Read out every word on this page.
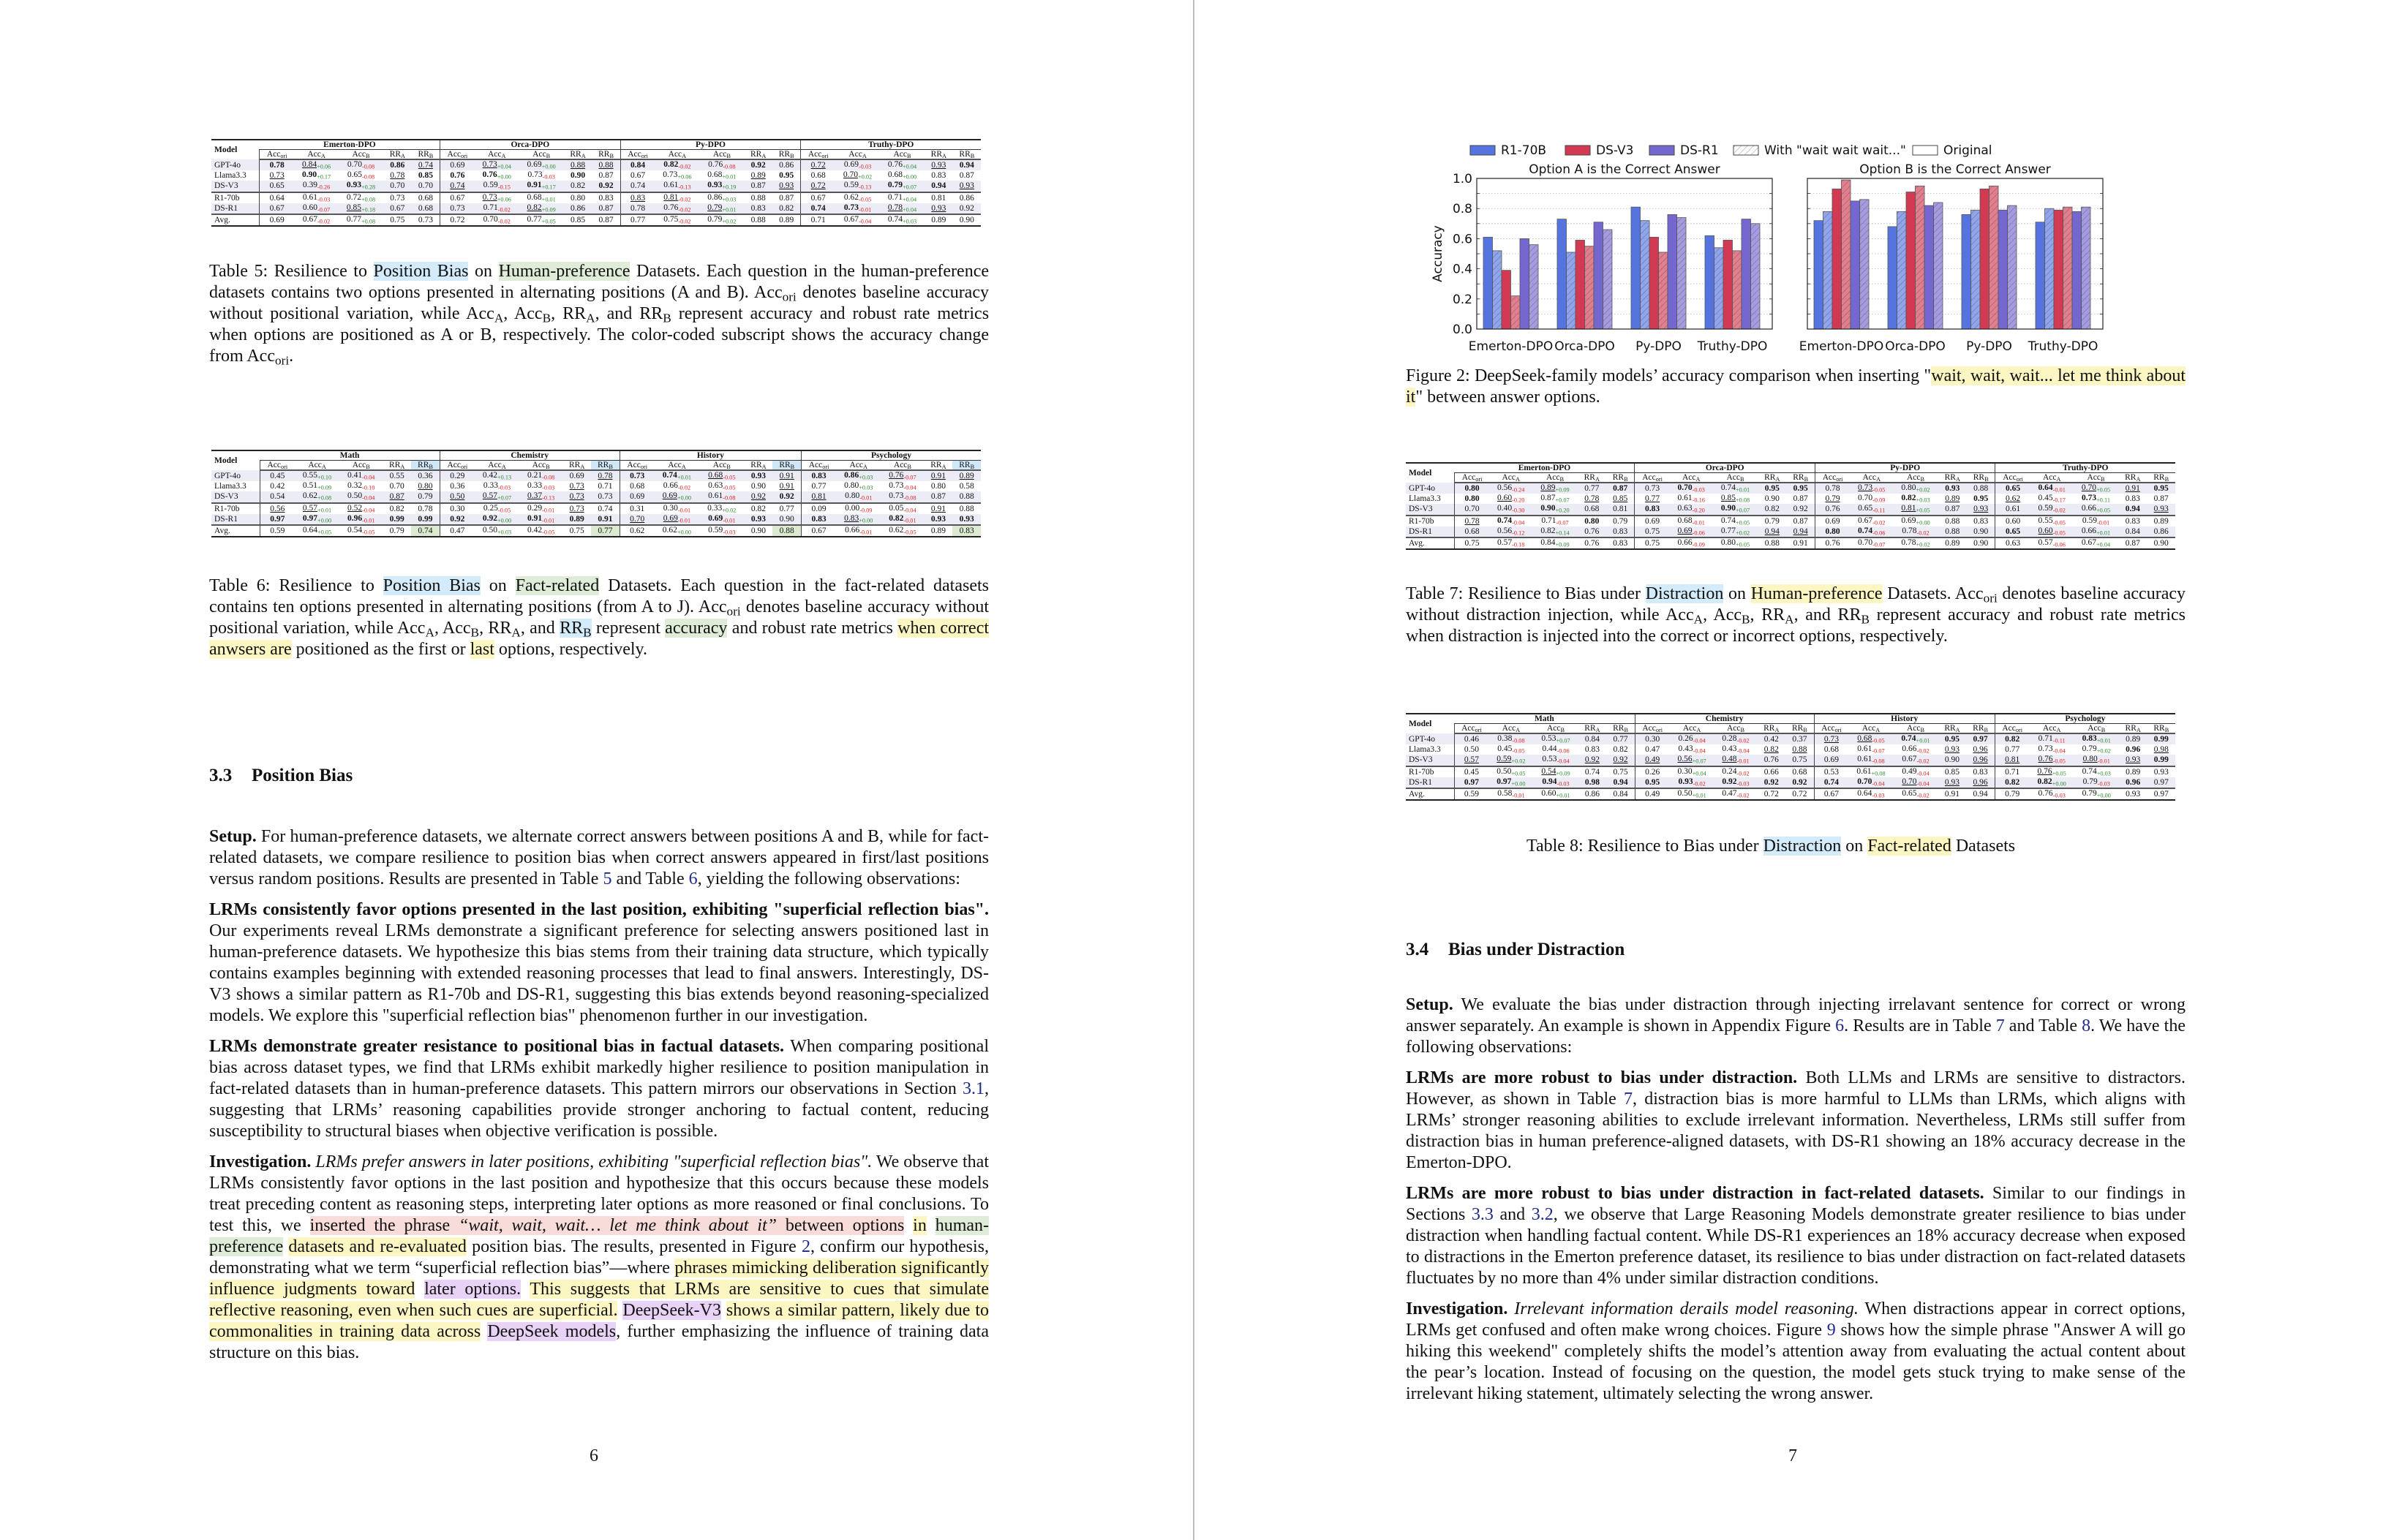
Model	Emerton-DPO					Orca-DPO					Py-DPO					Truthy-DPO				
	Acc$_{ori}$	Acc$_A$	Acc$_B$	$RR_A$	$RR_B$	Acc$_{ori}$	Acc$_A$	Acc$_B$	$RR_A$	$RR_B$	Acc$_{ori}$	Acc$_A$	Acc$_B$	$RR_A$	$RR_B$	Acc$_{ori}$	Acc$_A$	Acc$_B$	$RR_A$	$RR_B$
GPT-4o	0.78	$0.84_{+0.06}$	$0.70_{-0.08}$	0.86	0.74	0.69	$0.73_{+0.04}$	$0.69_{+0.00}$	0.88	0.88	0.84	$0.82_{-0.02}$	$0.76_{-0.08}$	0.92	0.86	0.72	$0.69_{-0.03}$	$0.76_{+0.04}$	0.93	0.94
Llama3.3	0.73	$0.90_{+0.17}$	$0.65_{-0.08}$	0.78	0.85	0.76	$0.76_{+0.00}$	$0.73_{-0.03}$	0.90	0.87	0.67	$0.73_{+0.06}$	$0.68_{+0.01}$	0.89	0.95	0.68	$0.70_{+0.02}$	$0.68_{+0.00}$	0.83	0.87
DS-V3	0.65	$0.39_{-0.26}$	$0.93_{+0.28}$	0.70	0.70	0.74	$0.59_{-0.15}$	$0.91_{+0.17}$	0.82	0.92	0.74	$0.61_{-0.13}$	$0.93_{+0.19}$	0.87	0.93	0.72	$0.59_{-0.13}$	$0.79_{+0.07}$	0.94	0.93
R1-70b	0.64	$0.61_{-0.03}$	$0.72_{+0.08}$	0.73	0.68	0.67	$0.73_{+0.06}$	$0.68_{+0.01}$	0.80	0.83	0.83	$0.81_{-0.02}$	$0.86_{+0.03}$	0.88	0.87	0.67	$0.62_{-0.05}$	$0.71_{+0.04}$	0.81	0.86
DS-R1	0.67	$0.60_{-0.07}$	$0.85_{+0.18}$	0.67	0.68	0.73	$0.71_{-0.02}$	$0.82_{+0.09}$	0.86	0.87	0.78	$0.76_{-0.02}$	$0.79_{+0.01}$	0.83	0.82	0.74	$0.73_{-0.01}$	$0.78_{+0.04}$	0.93	0.92
Avg.	0.69	$0.67_{-0.02}$	$0.77_{+0.08}$	0.75	0.73	0.72	$0.70_{-0.02}$	$0.77_{+0.05}$	0.85	0.87	0.77	$0.75_{-0.02}$	$0.79_{+0.02}$	0.88	0.89	0.71	$0.67_{-0.04}$	$0.74_{+0.03}$	0.89	0.90
Table 5: Resilience to Position Bias on Human-preference Datasets. Each question in the human-preference datasets contains two options presented in alternating positions (A and B). Acc$_{ori}$ denotes baseline accuracy without positional variation, while Acc$_A$, Acc$_B$, $RR_A$, and $RR_B$ represent accuracy and robust rate metrics when options are positioned as A or B, respectively. The color-coded subscript shows the accuracy change from Acc$_{ori}$.
Model	Math					Chemistry					History					Psychology				
	Acc$_{ori}$	Acc$_A$	Acc$_B$	$RR_A$	$RR_B$	Acc$_{ori}$	Acc$_A$	Acc$_B$	$RR_A$	$RR_B$	Acc$_{ori}$	Acc$_A$	Acc$_B$	$RR_A$	$RR_B$	Acc$_{ori}$	Acc$_A$	Acc$_B$	$RR_A$	$RR_B$
GPT-4o	0.45	$0.55_{+0.10}$	$0.41_{-0.04}$	0.55	0.36	0.29	$0.42_{+0.13}$	$0.21_{-0.08}$	0.69	0.78	0.73	$0.74_{+0.01}$	$0.68_{-0.05}$	0.93	0.91	0.83	$0.86_{+0.03}$	$0.76_{-0.07}$	0.91	0.89
Llama3.3	0.42	$0.51_{+0.09}$	$0.32_{-0.10}$	0.70	0.80	0.36	$0.33_{-0.03}$	$0.33_{-0.03}$	0.73	0.71	0.68	$0.66_{-0.02}$	$0.63_{-0.05}$	0.90	0.91	0.77	$0.80_{+0.03}$	$0.73_{-0.04}$	0.80	0.58
DS-V3	0.54	$0.62_{+0.08}$	$0.50_{-0.04}$	0.87	0.79	0.50	$0.57_{+0.07}$	$0.37_{-0.13}$	0.73	0.73	0.69	$0.69_{+0.00}$	$0.61_{-0.08}$	0.92	0.92	0.81	$0.80_{-0.01}$	$0.73_{-0.08}$	0.87	0.88
R1-70b	0.56	$0.57_{+0.01}$	$0.52_{-0.04}$	0.82	0.78	0.30	$0.25_{-0.05}$	$0.29_{-0.01}$	0.73	0.74	0.31	$0.30_{-0.01}$	$0.33_{+0.02}$	0.82	0.77	0.09	$0.00_{-0.09}$	$0.05_{-0.04}$	0.91	0.88
DS-R1	0.97	$0.97_{+0.00}$	$0.96_{-0.01}$	0.99	0.99	0.92	$0.92_{+0.00}$	$0.91_{-0.01}$	0.89	0.91	0.70	$0.69_{-0.01}$	$0.69_{-0.01}$	0.93	0.90	0.83	$0.83_{+0.00}$	$0.82_{-0.01}$	0.93	0.93
Avg.	0.59	$0.64_{+0.05}$	$0.54_{-0.05}$	0.79	0.74	0.47	$0.50_{+0.03}$	$0.42_{-0.05}$	0.75	0.77	0.62	$0.62_{+0.00}$	$0.59_{-0.03}$	0.90	0.88	0.67	$0.66_{-0.01}$	$0.62_{-0.05}$	0.89	0.83
Table 6: Resilience to Position Bias on Fact-related Datasets. Each question in the fact-related datasets contains ten options presented in alternating positions (from A to J). Acc$_{ori}$ denotes baseline accuracy without positional variation, while Acc$_A$, Acc$_B$, $RR_A$, and $RR_B$ represent accuracy and robust rate metrics when correct anwsers are positioned as the first or last options, respectively.
3.3 Position Bias

Setup. For human-preference datasets, we alternate correct answers between positions A and B, while for fact-related datasets, we compare resilience to position bias when correct answers appeared in first/last positions versus random positions. Results are presented in Table 5 and Table 6, yielding the following observations:

LRMs consistently favor options presented in the last position, exhibiting "superficial reflection bias". Our experiments reveal LRMs demonstrate a significant preference for selecting answers positioned last in human-preference datasets. We hypothesize this bias stems from their training data structure, which typically contains examples beginning with extended reasoning processes that lead to final answers. Interestingly, DS-V3 shows a similar pattern as R1-70b and DS-R1, suggesting this bias extends beyond reasoning-specialized models. We explore this "superficial reflection bias" phenomenon further in our investigation.

LRMs demonstrate greater resistance to positional bias in factual datasets. When comparing positional bias across dataset types, we find that LRMs exhibit markedly higher resilience to position manipulation in fact-related datasets than in human-preference datasets. This pattern mirrors our observations in Section 3.1, suggesting that LRMs’ reasoning capabilities provide stronger anchoring to factual content, reducing susceptibility to structural biases when objective verification is possible.

Investigation. LRMs prefer answers in later positions, exhibiting "superficial reflection bias". We observe that LRMs consistently favor options in the last position and hypothesize that this occurs because these models treat preceding content as reasoning steps, interpreting later options as more reasoned or final conclusions. To test this, we inserted the phrase “wait, wait, wait… let me think about it” between options in human-preference datasets and re-evaluated position bias. The results, presented in Figure 2, confirm our hypothesis, demonstrating what we term “superficial reflection bias”—where phrases mimicking deliberation significantly influence judgments toward later options. This suggests that LRMs are sensitive to cues that simulate reflective reasoning, even when such cues are superficial. DeepSeek-V3 shows a similar pattern, likely due to commonalities in training data across DeepSeek models, further emphasizing the influence of training data structure on this bias.

6
Figure 2: DeepSeek-family models’ accuracy comparison when inserting "wait, wait, wait... let me think about it" between answer options.
Model	Emerton-DPO					Orca-DPO					Py-DPO					Truthy-DPO				
	Acc$_{ori}$	Acc$_A$	Acc$_B$	$RR_A$	$RR_B$	Acc$_{ori}$	Acc$_A$	Acc$_B$	$RR_A$	$RR_B$	Acc$_{ori}$	Acc$_A$	Acc$_B$	$RR_A$	$RR_B$	Acc$_{ori}$	Acc$_A$	Acc$_B$	$RR_A$	$RR_B$
GPT-4o	0.80	$0.56_{-0.24}$	$0.89_{+0.09}$	0.77	0.87	0.73	$0.70_{-0.03}$	$0.74_{+0.01}$	0.95	0.95	0.78	$0.73_{-0.05}$	$0.80_{+0.02}$	0.93	0.88	0.65	$0.64_{-0.01}$	$0.70_{+0.05}$	0.91	0.95
Llama3.3	0.80	$0.60_{-0.20}$	$0.87_{+0.07}$	0.78	0.85	0.77	$0.61_{-0.16}$	$0.85_{+0.08}$	0.90	0.87	0.79	$0.70_{-0.09}$	$0.82_{+0.03}$	0.89	0.95	0.62	$0.45_{-0.17}$	$0.73_{+0.11}$	0.83	0.87
DS-V3	0.70	$0.40_{-0.30}$	$0.90_{+0.20}$	0.68	0.81	0.83	$0.63_{-0.20}$	$0.90_{+0.07}$	0.82	0.92	0.76	$0.65_{-0.11}$	$0.81_{+0.05}$	0.87	0.93	0.61	$0.59_{-0.02}$	$0.66_{+0.05}$	0.94	0.93
R1-70b	0.78	$0.74_{-0.04}$	$0.71_{-0.07}$	0.80	0.79	0.69	$0.68_{-0.01}$	$0.74_{+0.05}$	0.79	0.87	0.69	$0.67_{-0.02}$	$0.69_{+0.00}$	0.88	0.83	0.60	$0.55_{-0.05}$	$0.59_{-0.01}$	0.83	0.89
DS-R1	0.68	$0.56_{-0.12}$	$0.82_{+0.14}$	0.76	0.83	0.75	$0.69_{-0.06}$	$0.77_{+0.02}$	0.94	0.94	0.80	$0.74_{-0.06}$	$0.78_{-0.02}$	0.88	0.90	0.65	$0.60_{-0.05}$	$0.66_{+0.01}$	0.84	0.86
Avg.	0.75	$0.57_{-0.18}$	$0.84_{+0.09}$	0.76	0.83	0.75	$0.66_{-0.09}$	$0.80_{+0.05}$	0.88	0.91	0.76	$0.70_{-0.07}$	$0.78_{+0.02}$	0.89	0.90	0.63	$0.57_{-0.06}$	$0.67_{+0.04}$	0.87	0.90
Table 7: Resilience to Bias under Distraction on Human-preference Datasets. Acc$_{ori}$ denotes baseline accuracy without distraction injection, while Acc$_A$, Acc$_B$, $RR_A$, and $RR_B$ represent accuracy and robust rate metrics when distraction is injected into the correct or incorrect options, respectively.
Model	Math					Chemistry					History					Psychology				
	Acc$_{ori}$	Acc$_A$	Acc$_B$	$RR_A$	$RR_B$	Acc$_{ori}$	Acc$_A$	Acc$_B$	$RR_A$	$RR_B$	Acc$_{ori}$	Acc$_A$	Acc$_B$	$RR_A$	$RR_B$	Acc$_{ori}$	Acc$_A$	Acc$_B$	$RR_A$	$RR_B$
GPT-4o	0.46	$0.38_{-0.08}$	$0.53_{+0.07}$	0.84	0.77	0.30	$0.26_{-0.04}$	$0.28_{-0.02}$	0.42	0.37	0.73	$0.68_{-0.05}$	$0.74_{+0.01}$	0.95	0.97	0.82	$0.71_{-0.11}$	$0.83_{+0.01}$	0.89	0.99
Llama3.3	0.50	$0.45_{-0.05}$	$0.44_{-0.06}$	0.83	0.82	0.47	$0.43_{-0.04}$	$0.43_{-0.04}$	0.82	0.88	0.68	$0.61_{-0.07}$	$0.66_{-0.02}$	0.93	0.96	0.77	$0.73_{-0.04}$	$0.79_{+0.02}$	0.96	0.98
DS-V3	0.57	$0.59_{+0.02}$	$0.53_{-0.04}$	0.92	0.92	0.49	$0.56_{+0.07}$	$0.48_{-0.01}$	0.76	0.75	0.69	$0.61_{-0.08}$	$0.67_{-0.02}$	0.90	0.96	0.81	$0.76_{-0.05}$	$0.80_{-0.01}$	0.93	0.99
R1-70b	0.45	$0.50_{+0.05}$	$0.54_{+0.09}$	0.74	0.75	0.26	$0.30_{+0.04}$	$0.24_{-0.02}$	0.66	0.68	0.53	$0.61_{+0.08}$	$0.49_{-0.04}$	0.85	0.83	0.71	$0.76_{+0.05}$	$0.74_{+0.03}$	0.89	0.93
DS-R1	0.97	$0.97_{+0.00}$	$0.94_{-0.03}$	0.98	0.94	0.95	$0.93_{-0.02}$	$0.92_{-0.03}$	0.92	0.92	0.74	$0.70_{-0.04}$	$0.70_{-0.04}$	0.93	0.96	0.82	$0.82_{+0.00}$	$0.79_{-0.03}$	0.96	0.97
Avg.	0.59	$0.58_{-0.01}$	$0.60_{+0.01}$	0.86	0.84	0.49	$0.50_{+0.01}$	$0.47_{-0.02}$	0.72	0.72	0.67	$0.64_{-0.03}$	$0.65_{-0.02}$	0.91	0.94	0.79	$0.76_{-0.03}$	$0.79_{+0.00}$	0.93	0.97
Table 8: Resilience to Bias under Distraction on Fact-related Datasets
3.4 Bias under Distraction

Setup. We evaluate the bias under distraction through injecting irrelavant sentence for correct or wrong answer separately. An example is shown in Appendix Figure 6. Results are in Table 7 and Table 8. We have the following observations:

LRMs are more robust to bias under distraction. Both LLMs and LRMs are sensitive to distractors. However, as shown in Table 7, distraction bias is more harmful to LLMs than LRMs, which aligns with LRMs’ stronger reasoning abilities to exclude irrelevant information. Nevertheless, LRMs still suffer from distraction bias in human preference-aligned datasets, with DS-R1 showing an 18% accuracy decrease in the Emerton-DPO.

LRMs are more robust to bias under distraction in fact-related datasets. Similar to our findings in Sections 3.3 and 3.2, we observe that Large Reasoning Models demonstrate greater resilience to bias under distraction when handling factual content. While DS-R1 experiences an 18% accuracy decrease when exposed to distractions in the Emerton preference dataset, its resilience to bias under distraction on fact-related datasets fluctuates by no more than 4% under similar distraction conditions.

Investigation. Irrelevant information derails model reasoning. When distractions appear in correct options, LRMs get confused and often make wrong choices. Figure 9 shows how the simple phrase "Answer A will go hiking this weekend" completely shifts the model’s attention away from evaluating the actual content about the pear’s location. Instead of focusing on the question, the model gets stuck trying to make sense of the irrelevant hiking statement, ultimately selecting the wrong answer.

7
R1-70B	DS-V3	DS-R1	With "wait wait wait..."	Original
Option A is the Correct Answer
Emerton-DPO Orca-DPO Py-DPO Truthy-DPO
0.0
0.2
0.4
0.6
0.8
1.0
Accuracy
Option B is the Correct Answer
Emerton-DPO Orca-DPO Py-DPO Truthy-DPO
